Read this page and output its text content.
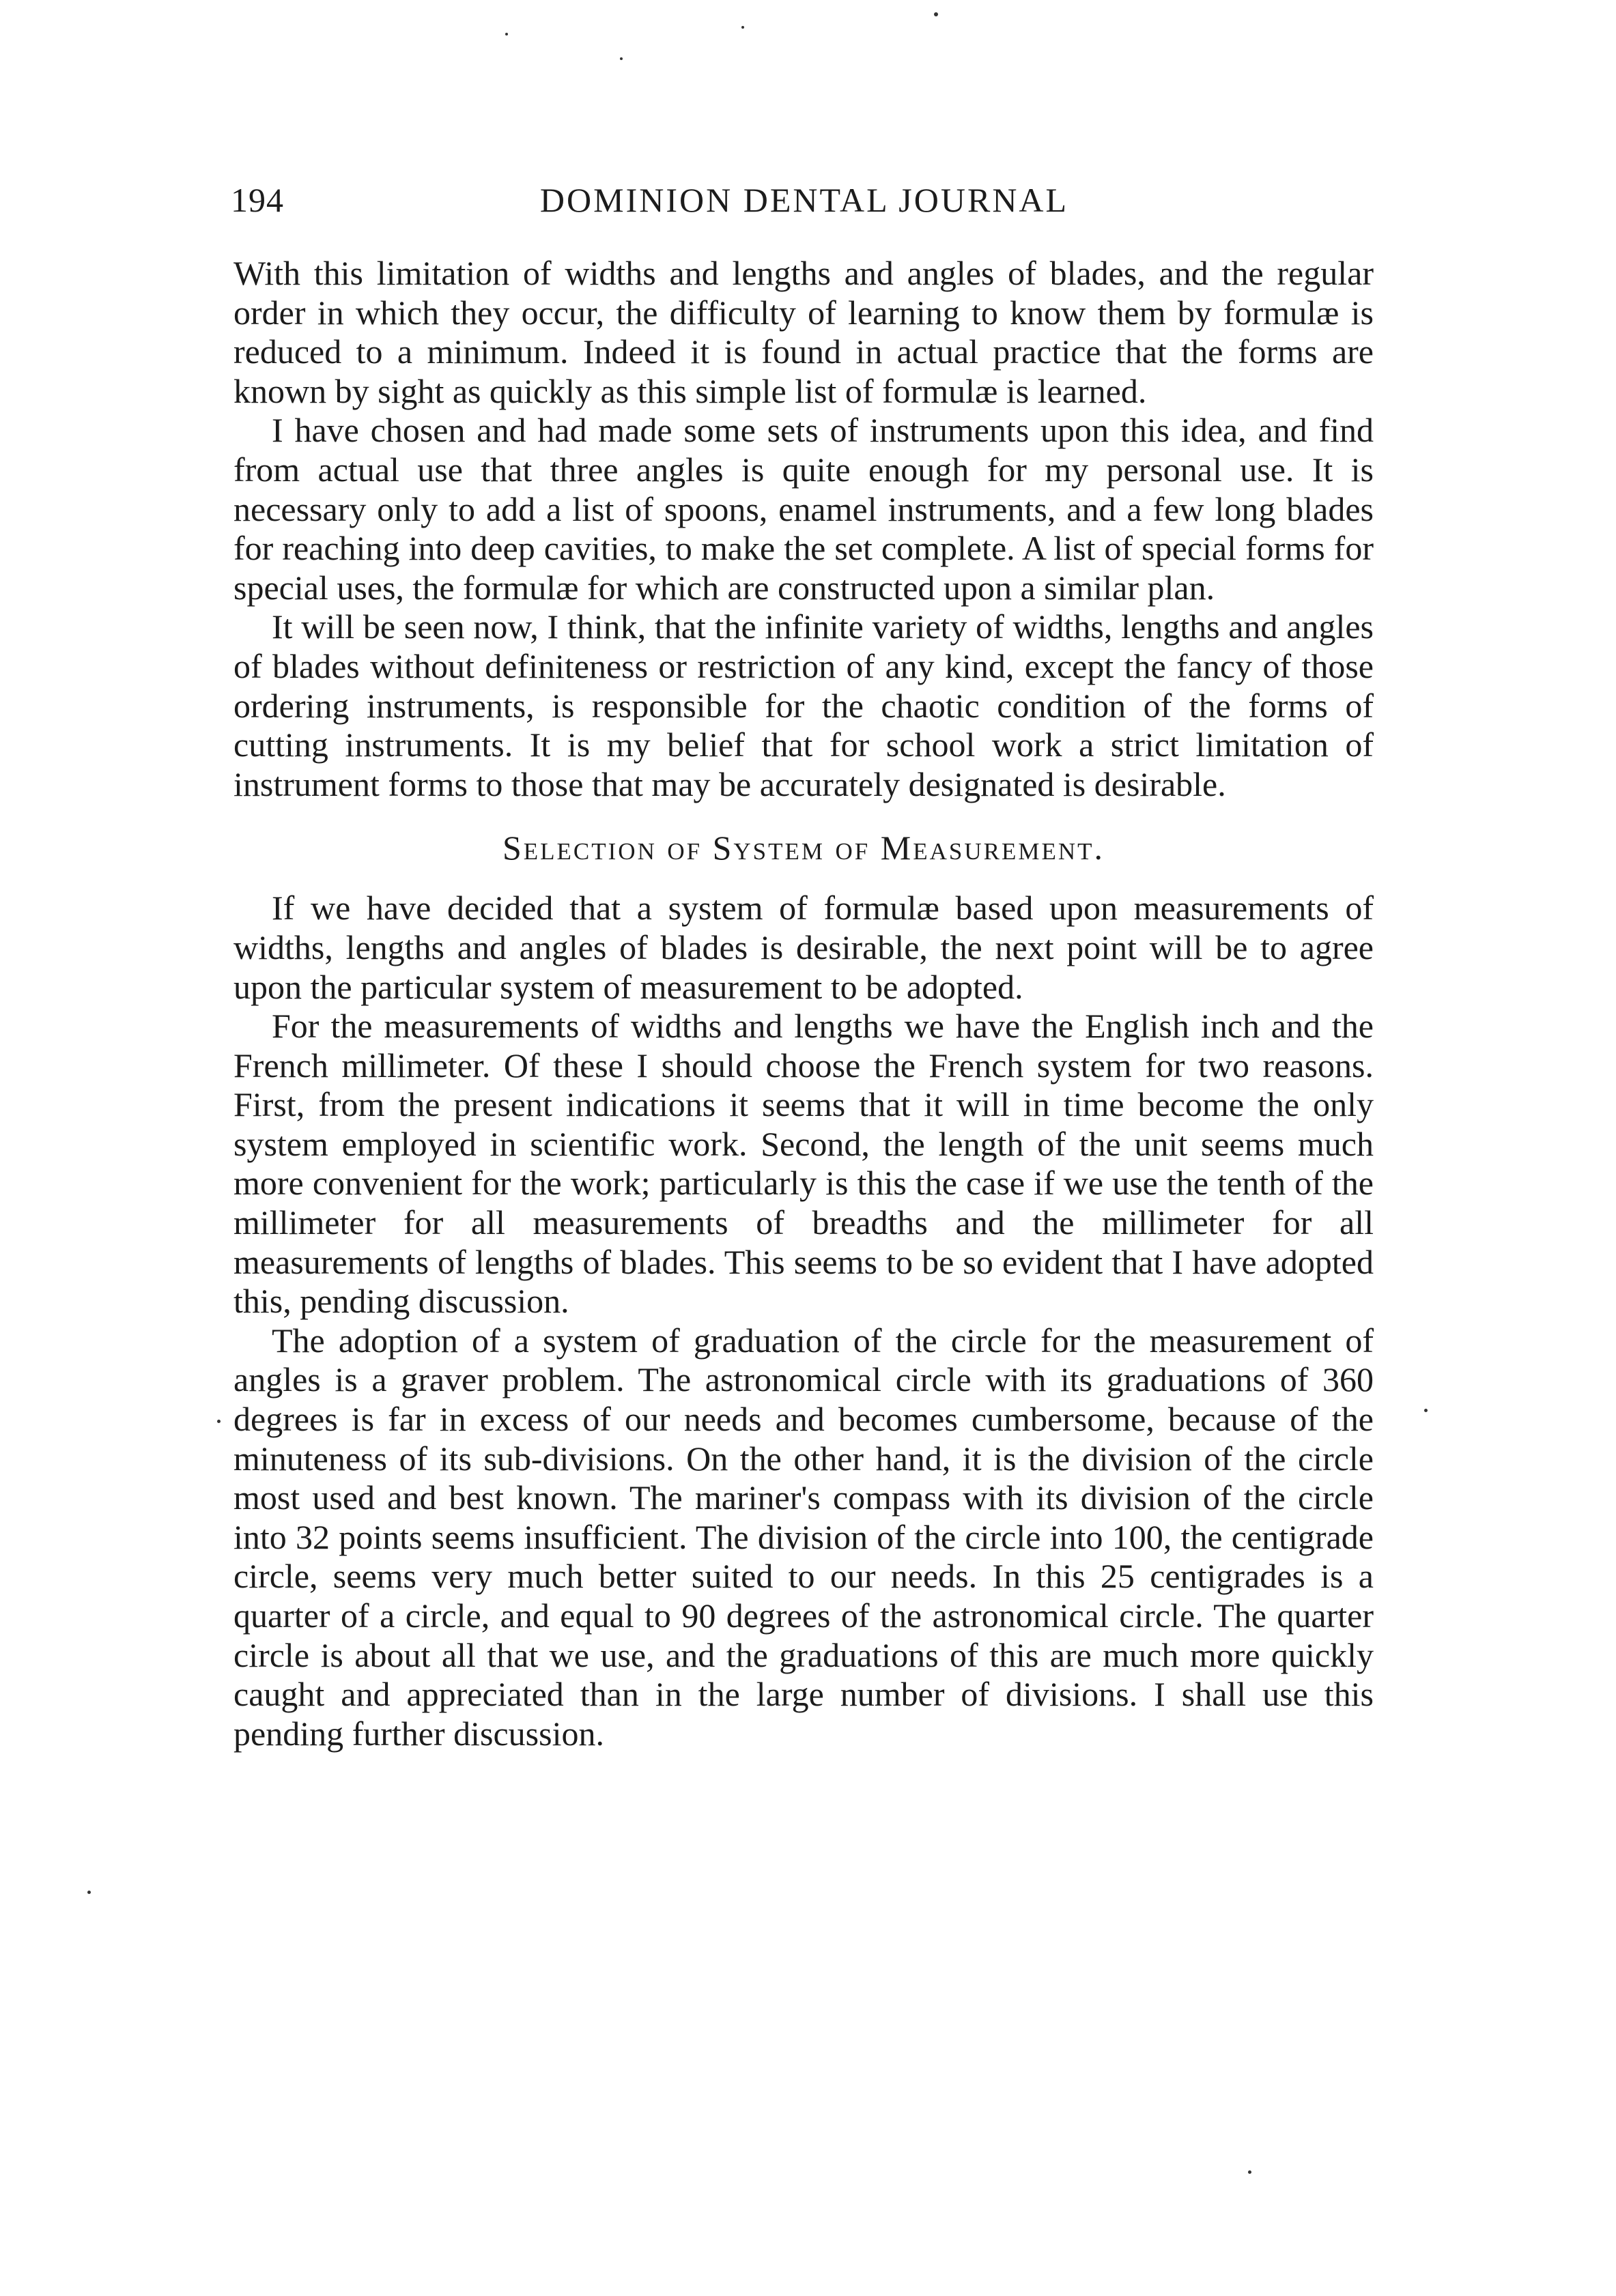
194	DOMINION DENTAL JOURNAL

With this limitation of widths and lengths and angles of blades, and the regular order in which they occur, the difficulty of learning to know them by formulæ is reduced to a minimum. Indeed it is found in actual practice that the forms are known by sight as quickly as this simple list of formulæ is learned.

I have chosen and had made some sets of instruments upon this idea, and find from actual use that three angles is quite enough for my personal use. It is necessary only to add a list of spoons, enamel instruments, and a few long blades for reaching into deep cavities, to make the set complete. A list of special forms for special uses, the formulæ for which are constructed upon a similar plan.

It will be seen now, I think, that the infinite variety of widths, lengths and angles of blades without definiteness or restriction of any kind, except the fancy of those ordering instruments, is responsible for the chaotic condition of the forms of cutting instruments. It is my belief that for school work a strict limitation of instrument forms to those that may be accurately designated is desirable.

Selection of System of Measurement.

If we have decided that a system of formulæ based upon measurements of widths, lengths and angles of blades is desirable, the next point will be to agree upon the particular system of measurement to be adopted.

For the measurements of widths and lengths we have the English inch and the French millimeter. Of these I should choose the French system for two reasons. First, from the present indications it seems that it will in time become the only system employed in scientific work. Second, the length of the unit seems much more convenient for the work; particularly is this the case if we use the tenth of the millimeter for all measurements of breadths and the millimeter for all measurements of lengths of blades. This seems to be so evident that I have adopted this, pending discussion.

The adoption of a system of graduation of the circle for the measurement of angles is a graver problem. The astronomical circle with its graduations of 360 degrees is far in excess of our needs and becomes cumbersome, because of the minuteness of its sub-divisions. On the other hand, it is the division of the circle most used and best known. The mariner's compass with its division of the circle into 32 points seems insufficient. The division of the circle into 100, the centigrade circle, seems very much better suited to our needs. In this 25 centigrades is a quarter of a circle, and equal to 90 degrees of the astronomical circle. The quarter circle is about all that we use, and the graduations of this are much more quickly caught and appreciated than in the large number of divisions. I shall use this pending further discussion.
